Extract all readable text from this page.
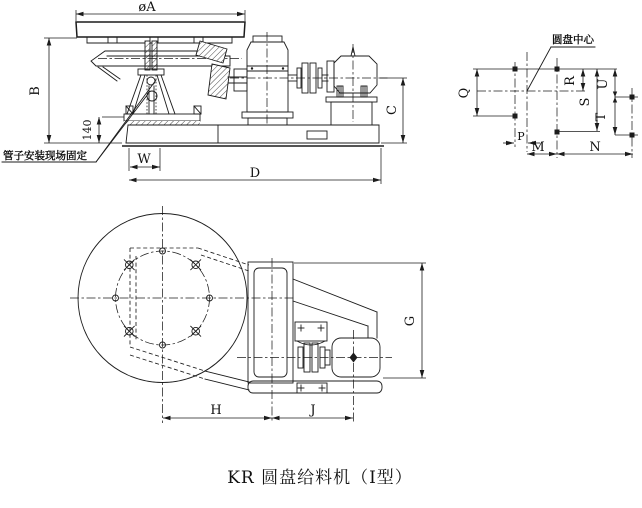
øA
B
140
W
D
C
管子安装现场固定
圆盘中心
Q
R
S
U
T
P
M	N
G
H	J
KR 圆盘给料机（Ⅰ型）
